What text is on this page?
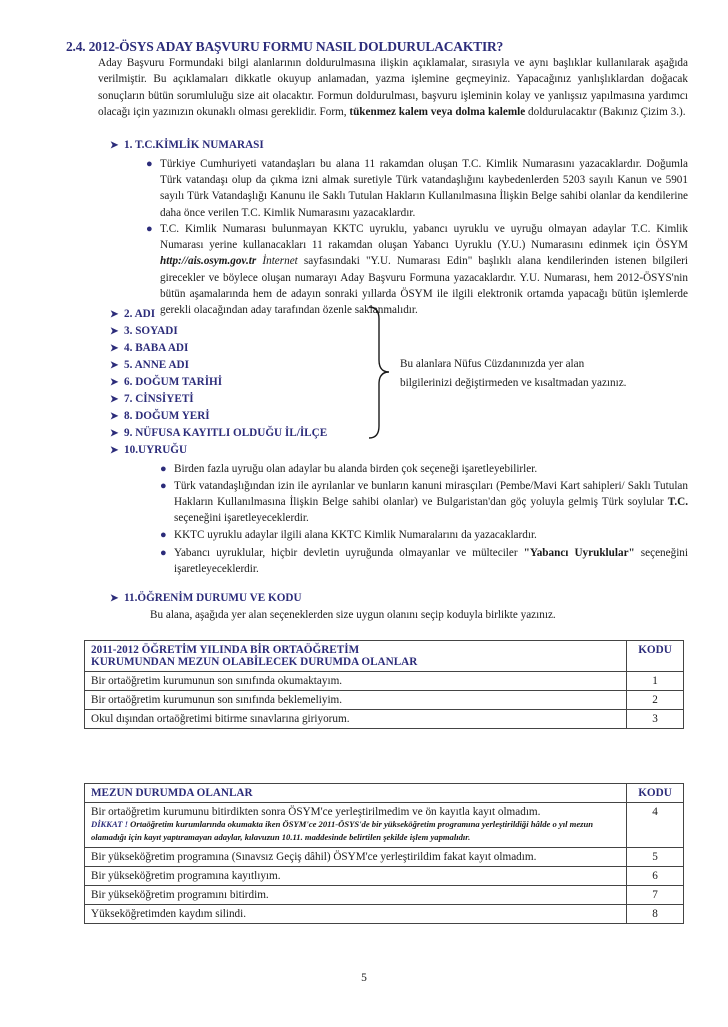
2.4. 2012-ÖSYS ADAY BAŞVURU FORMU NASIL DOLDURULACAKTIR?
Aday Başvuru Formundaki bilgi alanlarının doldurulmasına ilişkin açıklamalar, sırasıyla ve aynı başlıklar kullanılarak aşağıda verilmiştir. Bu açıklamaları dikkatle okuyup anlamadan, yazma işlemine geçmeyiniz. Yapacağınız yanlışlıklardan doğacak sonuçların bütün sorumluluğu size ait olacaktır. Formun doldurulması, başvuru işleminin kolay ve yanlışsız yapılmasına yardımcı olacağı için yazınızın okunaklı olması gereklidir. Form, tükenmez kalem veya dolma kalemle doldurulacaktır (Bakınız Çizim 3.).
➤ 1. T.C.KİMLİK NUMARASI
● Türkiye Cumhuriyeti vatandaşları bu alana 11 rakamdan oluşan T.C. Kimlik Numarasını yazacaklardır. Doğumla Türk vatandaşı olup da çıkma izni almak suretiyle Türk vatandaşlığını kaybedenlerden 5203 sayılı Kanun ve 5901 sayılı Türk Vatandaşlığı Kanunu ile Saklı Tutulan Hakların Kullanılmasına İlişkin Belge sahibi olanlar da kendilerine daha önce verilen T.C. Kimlik Numarasını yazacaklardır.
● T.C. Kimlik Numarası bulunmayan KKTC uyruklu, yabancı uyruklu ve uyruğu olmayan adaylar T.C. Kimlik Numarası yerine kullanacakları 11 rakamdan oluşan Yabancı Uyruklu (Y.U.) Numarasını edinmek için ÖSYM http://ais.osym.gov.tr İnternet sayfasındaki "Y.U. Numarası Edin" başlıklı alana kendilerinden istenen bilgileri girecekler ve böylece oluşan numarayı Aday Başvuru Formuna yazacaklardır. Y.U. Numarası, hem 2012-ÖSYS'nin bütün aşamalarında hem de adayın sonraki yıllarda ÖSYM ile ilgili elektronik ortamda yapacağı bütün işlemlerde gerekli olacağından aday tarafından özenle saklanmalıdır.
➤ 2. ADI
➤ 3. SOYADI
➤ 4. BABA ADI
➤ 5. ANNE ADI
➤ 6. DOĞUM TARİHİ
➤ 7. CİNSİYETİ
➤ 8. DOĞUM YERİ
➤ 9. NÜFUSA KAYITLI OLDUĞU İL/İLÇE
➤ 10.UYRUĞU
Bu alanlara Nüfus Cüzdanınızda yer alan
bilgilerinizi değiştirmeden ve kısaltmadan yazınız.
● Birden fazla uyruğu olan adaylar bu alanda birden çok seçeneği işaretleyebilirler.
● Türk vatandaşlığından izin ile ayrılanlar ve bunların kanuni mirasçıları (Pembe/Mavi Kart sahipleri/ Saklı Tutulan Hakların Kullanılmasına İlişkin Belge sahibi olanlar) ve Bulgaristan'dan göç yoluyla gelmiş Türk soylular T.C. seçeneğini işaretleyeceklerdir.
● KKTC uyruklu adaylar ilgili alana KKTC Kimlik Numaralarını da yazacaklardır.
● Yabancı uyruklular, hiçbir devletin uyruğunda olmayanlar ve mülteciler "Yabancı Uyruklular" seçeneğini işaretleyeceklerdir.
➤ 11.ÖĞRENİM DURUMU VE KODU
Bu alana, aşağıda yer alan seçeneklerden size uygun olanını seçip koduyla birlikte yazınız.
2011-2012 ÖĞRETİM YILINDA BİR ORTAÖĞRETİM
KURUMUNDAN MEZUN OLABİLECEK DURUMDA OLANLAR	KODU
Bir ortaöğretim kurumunun son sınıfında okumaktayım.	1
Bir ortaöğretim kurumunun son sınıfında beklemeliyim.	2
Okul dışından ortaöğretimi bitirme sınavlarına giriyorum.	3
MEZUN DURUMDA OLANLAR	KODU

Bir ortaöğretim kurumunu bitirdikten sonra ÖSYM'ce yerleştirilmedim ve ön kayıtla kayıt olmadım.
DİKKAT ! Ortaöğretim kurumlarında okumakta iken ÖSYM'ce 2011-ÖSYS'de bir yükseköğretim programına yerleştirildiği hâlde o yıl mezun olamadığı için kayıt yaptıramayan adaylar, kılavuzun 10.11. maddesinde belirtilen şekilde işlem yapmalıdır.	4
Bir yükseköğretim programına (Sınavsız Geçiş dâhil) ÖSYM'ce yerleştirildim fakat kayıt olmadım.	5
Bir yükseköğretim programına kayıtlıyım.	6
Bir yükseköğretim programını bitirdim.	7
Yükseköğretimden kaydım silindi.	8
5
